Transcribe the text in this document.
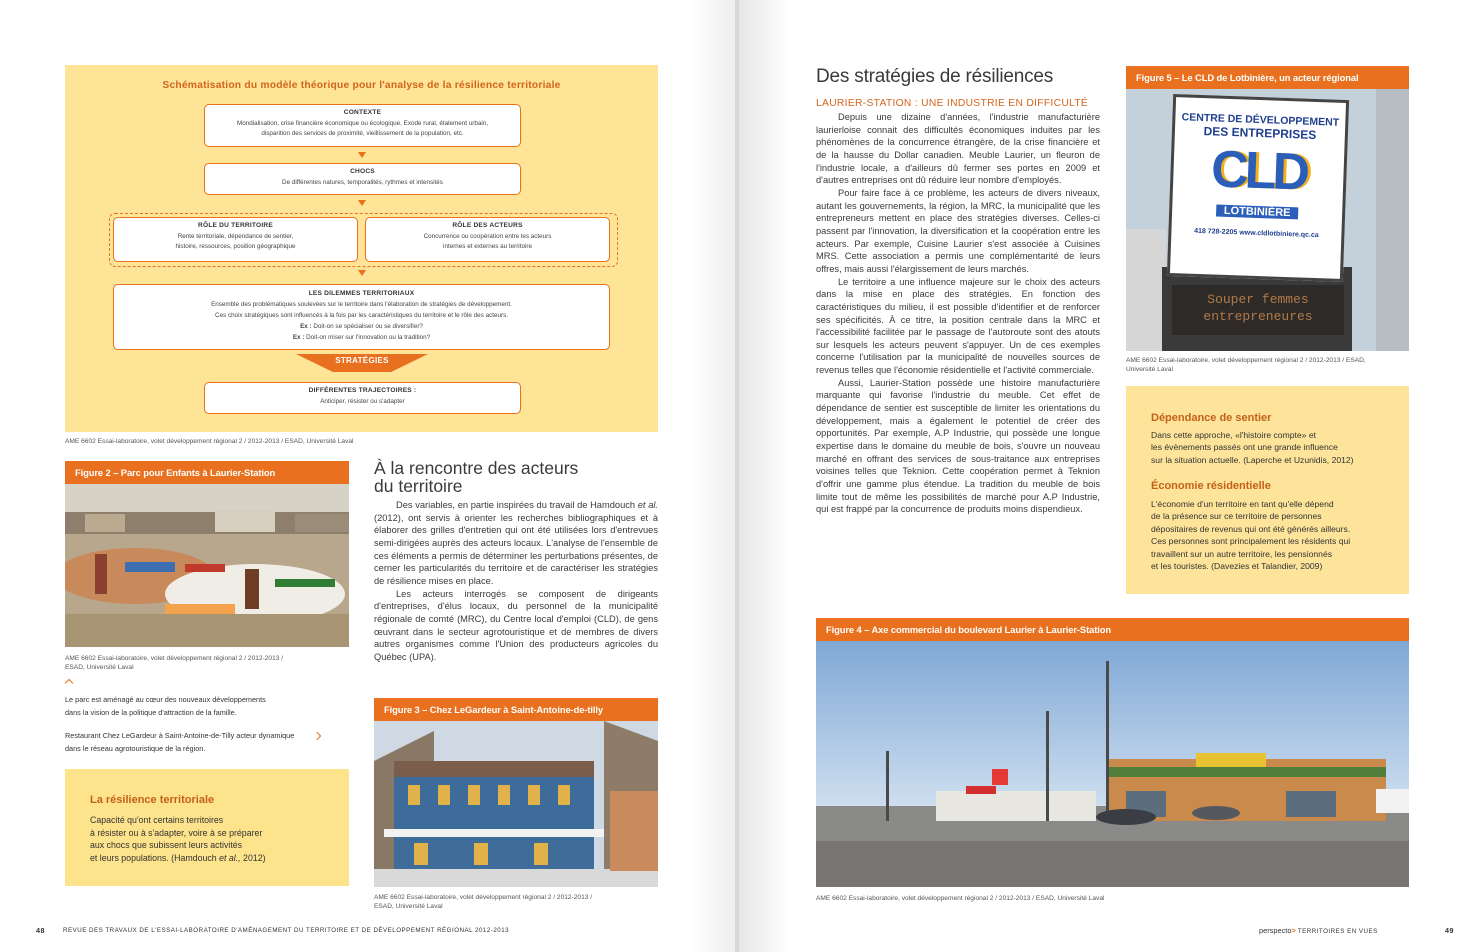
Schématisation du modèle théorique pour l'analyse de la résilience territoriale
CONTEXTE
Mondialisation, crise financière économique ou écologique, Exode rural, étalement urbain,
disparition des services de proximité, vieillissement de la population, etc.
CHOCS
De différentes natures, temporalités, rythmes et intensités
RÔLE DU TERRITOIRE
Rente territoriale, dépendance de sentier,
histoire, ressources, position géographique
RÔLE DES ACTEURS
Concurrence ou coopération entre les acteurs
internes et externes au territoire
LES DILEMMES TERRITORIAUX
Ensemble des problématiques soulevées sur le territoire dans l'élaboration de stratégies de développement.
Ces choix stratégiques sont influencés à la fois par les caractéristiques du territoire et le rôle des acteurs.
Ex : Doit-on se spécialiser ou se diversifier?
Ex : Doit-on miser sur l'innovation ou la tradition?
STRATÉGIES
DIFFÉRENTES TRAJECTOIRES :
Anticiper, résister ou s'adapter
AME 6602 Essai-laboratoire, volet développement régional 2 / 2012-2013 / ESAD, Université Laval
Figure 2 – Parc pour Enfants à Laurier-Station
AME 6602 Essai-laboratoire, volet développement régional 2 / 2012-2013 /
ESAD, Université Laval
Le parc est aménagé au cœur des nouveaux développements
dans la vision de la politique d'attraction de la famille.
Restaurant Chez LeGardeur à Saint-Antoine-de-Tilly acteur dynamique
dans le réseau agrotouristique de la région.
La résilience territoriale
Capacité qu'ont certains territoires
à résister ou à s'adapter, voire à se préparer
aux chocs que subissent leurs activités
et leurs populations. (Hamdouch et al., 2012)
À la rencontre des acteurs
du territoire

Des variables, en partie inspirées du travail de Hamdouch et al. (2012), ont servis à orienter les recherches bibliographiques et à élaborer des grilles d'entretien qui ont été utilisées lors d'entrevues semi-dirigées auprès des acteurs locaux. L'analyse de l'ensemble de ces éléments a permis de déterminer les perturbations présentes, de cerner les particularités du territoire et de caractériser les stratégies de résilience mises en place.

Les acteurs interrogés se composent de dirigeants d'entreprises, d'élus locaux, du personnel de la municipalité régionale de comté (MRC), du Centre local d'emploi (CLD), de gens œuvrant dans le secteur agrotouristique et de membres de divers autres organismes comme l'Union des producteurs agricoles du Québec (UPA).

Figure 3 – Chez LeGardeur à Saint-Antoine-de-tilly
AME 6602 Essai-laboratoire, volet développement régional 2 / 2012-2013 /
ESAD, Université Laval
48	REVUE DES TRAVAUX DE L'ESSAI-LABORATOIRE D'AMÉNAGEMENT DU TERRITOIRE ET DE DÉVELOPPEMENT RÉGIONAL 2012-2013
Des stratégies de résiliences
LAURIER-STATION : UNE INDUSTRIE EN DIFFICULTÉ

Depuis une dizaine d'années, l'industrie manufacturière laurierloise connait des difficultés économiques induites par les phénomènes de la concurrence étrangère, de la crise financière et de la hausse du Dollar canadien. Meuble Laurier, un fleuron de l'industrie locale, a d'ailleurs dû fermer ses portes en 2009 et d'autres entreprises ont dû réduire leur nombre d'employés.

Pour faire face à ce problème, les acteurs de divers niveaux, autant les gouvernements, la région, la MRC, la municipalité que les entrepreneurs mettent en place des stratégies diverses. Celles-ci passent par l'innovation, la diversification et la coopération entre les acteurs. Par exemple, Cuisine Laurier s'est associée à Cuisines MRS. Cette association a permis une complémentarité de leurs offres, mais aussi l'élargissement de leurs marchés.

Le territoire a une influence majeure sur le choix des acteurs dans la mise en place des stratégies. En fonction des caractéristiques du milieu, il est possible d'identifier et de renforcer ses spécificités. À ce titre, la position centrale dans la MRC et l'accessibilité facilitée par le passage de l'autoroute sont des atouts sur lesquels les acteurs peuvent s'appuyer. Un de ces exemples concerne l'utilisation par la municipalité de nouvelles sources de revenus telles que l'économie résidentielle et l'activité commerciale.

Aussi, Laurier-Station possède une histoire manufacturière marquante qui favorise l'industrie du meuble. Cet effet de dépendance de sentier est susceptible de limiter les orientations du développement, mais a également le potentiel de créer des opportunités. Par exemple, A.P Industrie, qui possède une longue expertise dans le domaine du meuble de bois, s'ouvre un nouveau marché en offrant des services de sous-traitance aux entreprises voisines telles que Teknion. Cette coopération permet à Teknion d'offrir une gamme plus étendue. La tradition du meuble de bois limite tout de même les possibilités de marché pour A.P Industrie, qui est frappé par la concurrence de produits moins dispendieux.

Figure 5 – Le CLD de Lotbinière, un acteur régional
CENTRE DE DÉVELOPPEMENT
DES ENTREPRISES
CLD
LOTBINIÈRE
418 728-2205 www.cldlotbiniere.qc.ca
Souper femmes
entrepreneures
AME 6602 Essai-laboratoire, volet développement régional 2 / 2012-2013 / ESAD,
Université Laval
Dépendance de sentier
Dans cette approche, «l'histoire compte» et
les évènements passés ont une grande influence
sur la situation actuelle. (Laperche et Uzunidis, 2012)
Économie résidentielle
L'économie d'un territoire en tant qu'elle dépend
de la présence sur ce territoire de personnes
dépositaires de revenus qui ont été générés ailleurs.
Ces personnes sont principalement les résidents qui
travaillent sur un autre territoire, les pensionnés
et les touristes. (Davezies et Talandier, 2009)
Figure 4 – Axe commercial du boulevard Laurier à Laurier-Station
AME 6602 Essai-laboratoire, volet développement régional 2 / 2012-2013 / ESAD, Université Laval
perspecto> TERRITOIRES EN VUES	49
